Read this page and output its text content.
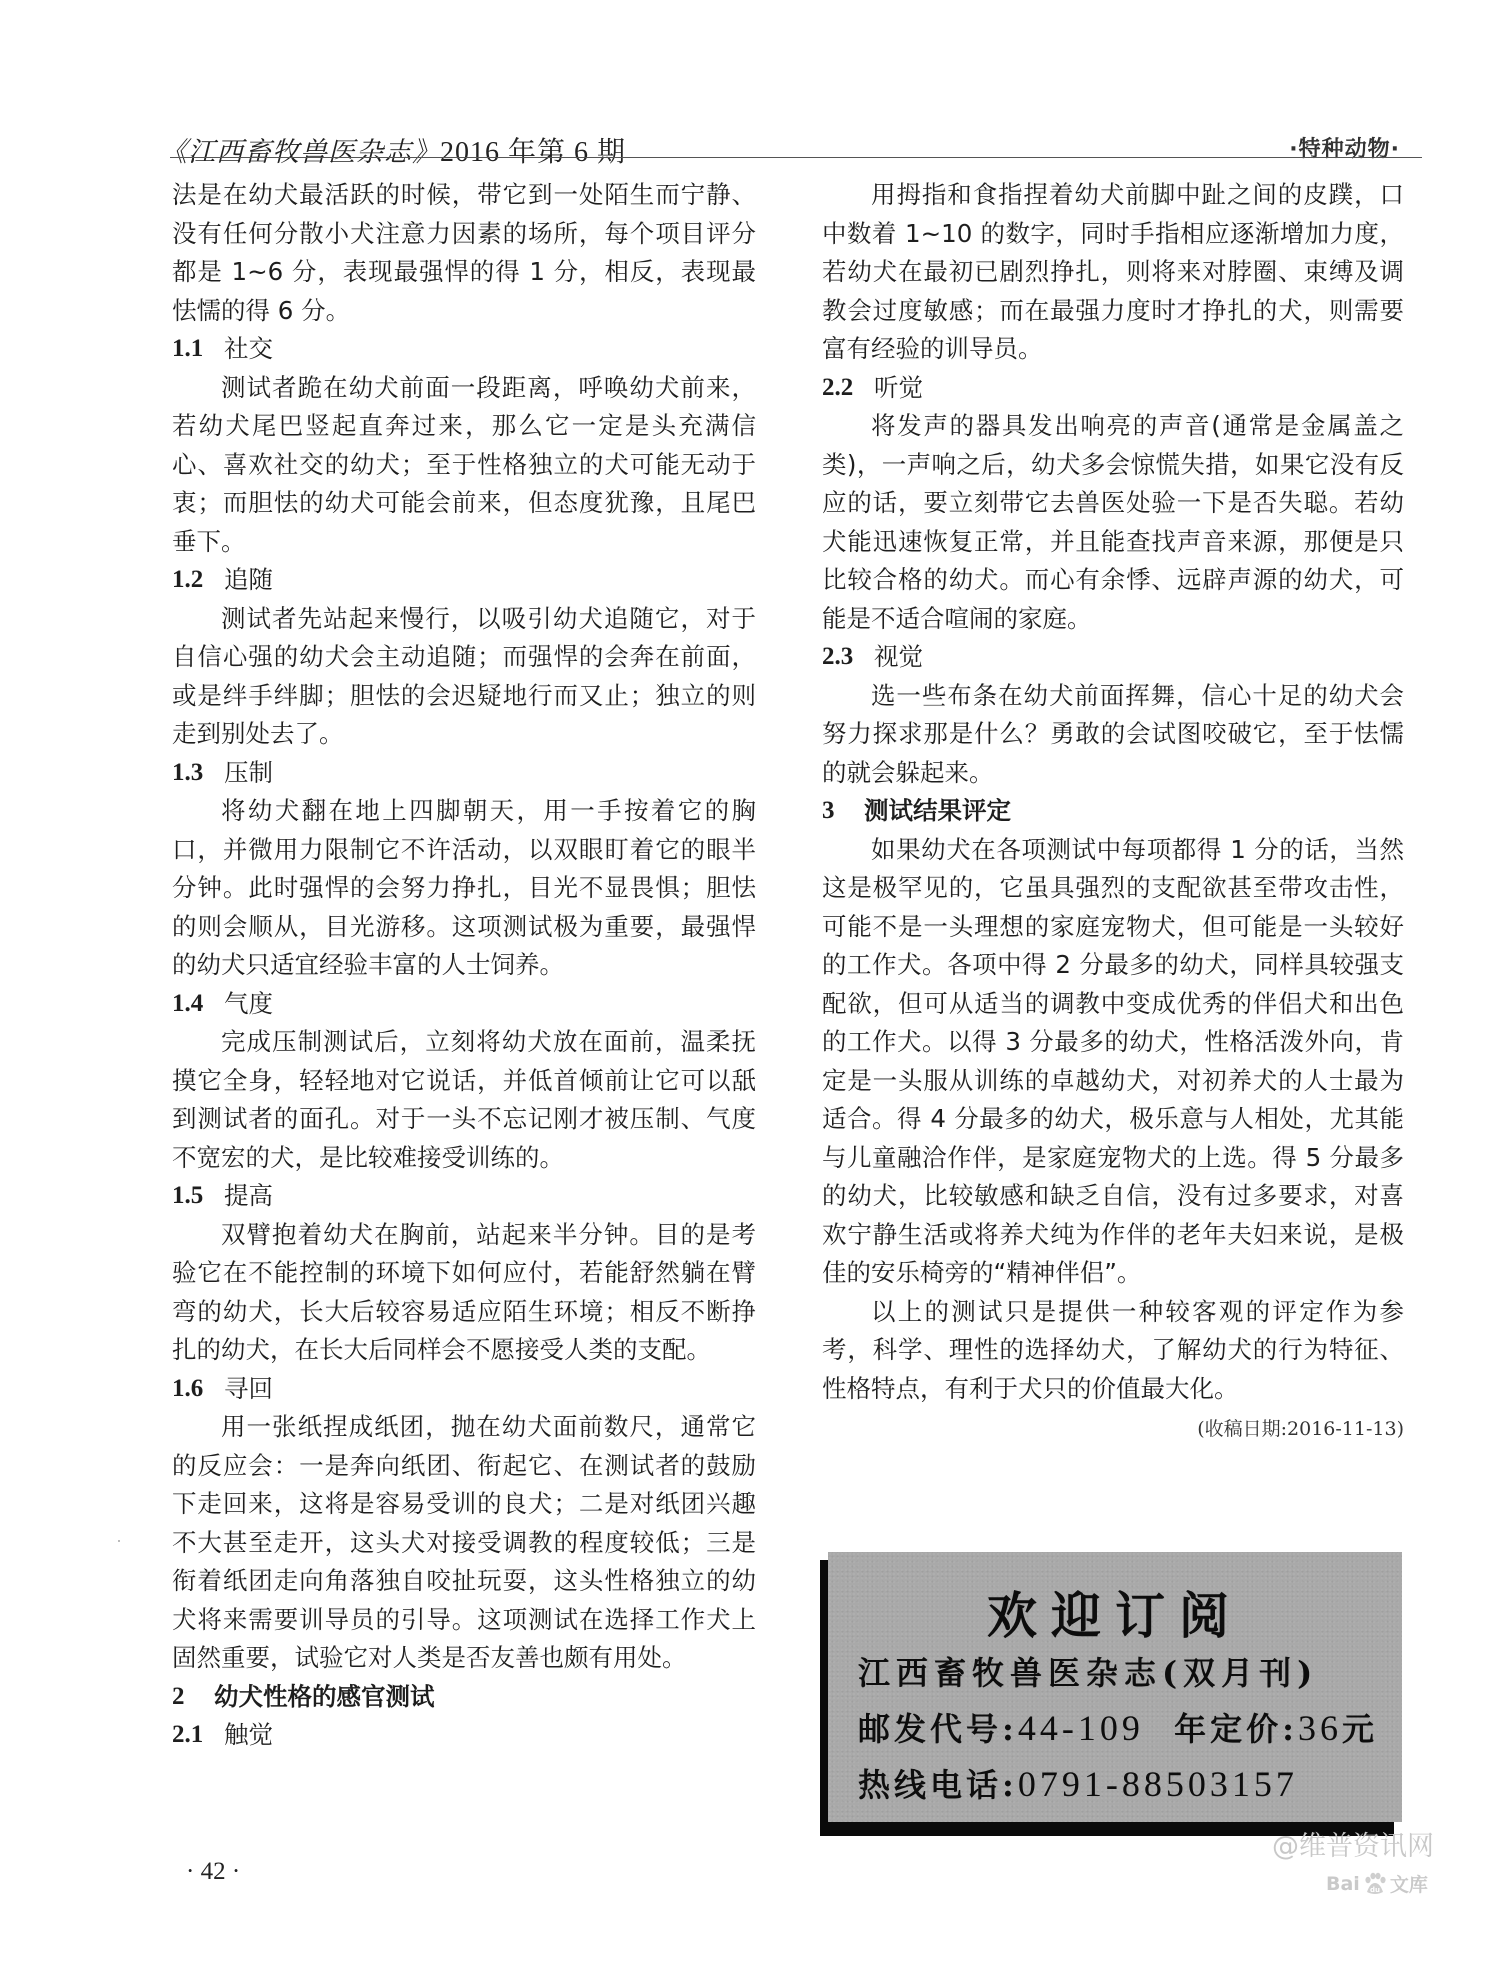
《江西畜牧兽医杂志》2016 年第 6 期	·特种动物·

法是在幼犬最活跃的时候，带它到一处陌生而宁静、没有任何分散小犬注意力因素的场所，每个项目评分都是 1~6 分，表现最强悍的得 1 分，相反，表现最怯懦的得 6 分。

1.1 社交

测试者跪在幼犬前面一段距离，呼唤幼犬前来，若幼犬尾巴竖起直奔过来，那么它一定是头充满信心、喜欢社交的幼犬；至于性格独立的犬可能无动于衷；而胆怯的幼犬可能会前来，但态度犹豫，且尾巴垂下。

1.2 追随

测试者先站起来慢行，以吸引幼犬追随它，对于自信心强的幼犬会主动追随；而强悍的会奔在前面，或是绊手绊脚；胆怯的会迟疑地行而又止；独立的则走到别处去了。

1.3 压制

将幼犬翻在地上四脚朝天，用一手按着它的胸口，并微用力限制它不许活动，以双眼盯着它的眼半分钟。此时强悍的会努力挣扎，目光不显畏惧；胆怯的则会顺从，目光游移。这项测试极为重要，最强悍的幼犬只适宜经验丰富的人士饲养。

1.4 气度

完成压制测试后，立刻将幼犬放在面前，温柔抚摸它全身，轻轻地对它说话，并低首倾前让它可以舐到测试者的面孔。对于一头不忘记刚才被压制、气度不宽宏的犬，是比较难接受训练的。

1.5 提高

双臂抱着幼犬在胸前，站起来半分钟。目的是考验它在不能控制的环境下如何应付，若能舒然躺在臂弯的幼犬，长大后较容易适应陌生环境；相反不断挣扎的幼犬，在长大后同样会不愿接受人类的支配。

1.6 寻回

用一张纸捏成纸团，抛在幼犬面前数尺，通常它的反应会：一是奔向纸团、衔起它、在测试者的鼓励下走回来，这将是容易受训的良犬；二是对纸团兴趣不大甚至走开，这头犬对接受调教的程度较低；三是衔着纸团走向角落独自咬扯玩耍，这头性格独立的幼犬将来需要训导员的引导。这项测试在选择工作犬上固然重要，试验它对人类是否友善也颇有用处。

2	幼犬性格的感官测试
2.1 触觉
· 42 ·

用拇指和食指捏着幼犬前脚中趾之间的皮蹼，口中数着 1~10 的数字，同时手指相应逐渐增加力度，若幼犬在最初已剧烈挣扎，则将来对脖圈、束缚及调教会过度敏感；而在最强力度时才挣扎的犬，则需要富有经验的训导员。

2.2 听觉

将发声的器具发出响亮的声音(通常是金属盖之类)，一声响之后，幼犬多会惊慌失措，如果它没有反应的话，要立刻带它去兽医处验一下是否失聪。若幼犬能迅速恢复正常，并且能查找声音来源，那便是只比较合格的幼犬。而心有余悸、远辟声源的幼犬，可能是不适合喧闹的家庭。

2.3 视觉

选一些布条在幼犬前面挥舞，信心十足的幼犬会努力探求那是什么？勇敢的会试图咬破它，至于怯懦的就会躲起来。

3	测试结果评定

如果幼犬在各项测试中每项都得 1 分的话，当然这是极罕见的，它虽具强烈的支配欲甚至带攻击性，可能不是一头理想的家庭宠物犬，但可能是一头较好的工作犬。各项中得 2 分最多的幼犬，同样具较强支配欲，但可从适当的调教中变成优秀的伴侣犬和出色的工作犬。以得 3 分最多的幼犬，性格活泼外向，肯定是一头服从训练的卓越幼犬，对初养犬的人士最为适合。得 4 分最多的幼犬，极乐意与人相处，尤其能与儿童融洽作伴，是家庭宠物犬的上选。得 5 分最多的幼犬，比较敏感和缺乏自信，没有过多要求，对喜欢宁静生活或将养犬纯为作伴的老年夫妇来说，是极佳的安乐椅旁的“精神伴侣”。

以上的测试只是提供一种较客观的评定作为参考，科学、理性的选择幼犬，了解幼犬的行为特征、性格特点，有利于犬只的价值最大化。

(收稿日期:2016-11-13)
欢迎订阅
江西畜牧兽医杂志(双月刊)
邮发代号:44-109 年定价:36元
热线电话:0791-88503157
@维普资讯网
Bai du 文库
